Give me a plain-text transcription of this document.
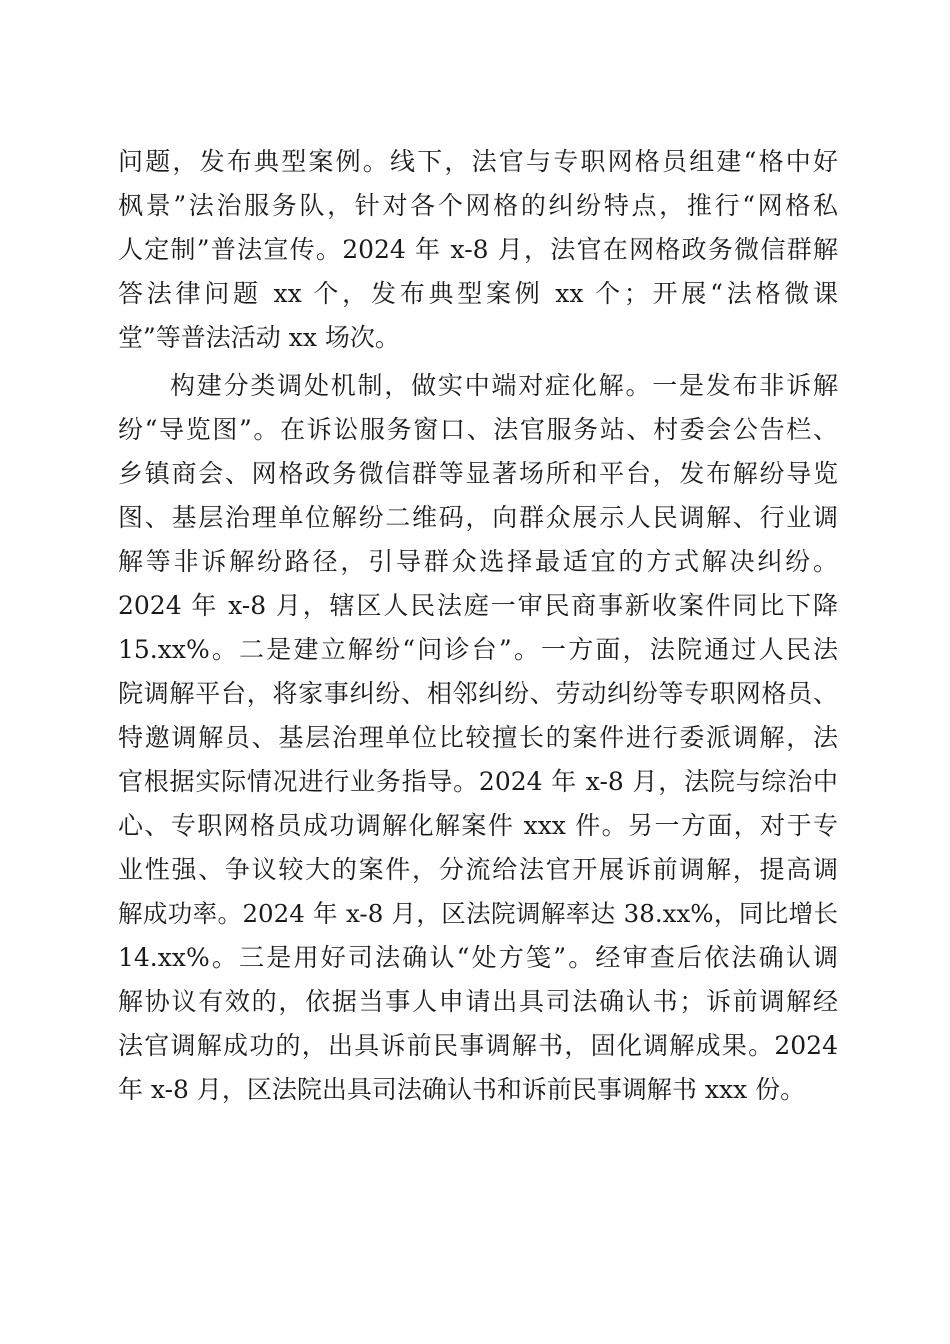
问题，发布典型案例。线下，法官与专职网格员组建“格中好
枫景”法治服务队，针对各个网格的纠纷特点，推行“网格私
人定制”普法宣传。2024 年 x-8 月，法官在网格政务微信群解
答法律问题 xx 个，发布典型案例 xx 个；开展“法格微课
堂”等普法活动 xx 场次。
构建分类调处机制，做实中端对症化解。一是发布非诉解
纷“导览图”。在诉讼服务窗口、法官服务站、村委会公告栏、
乡镇商会、网格政务微信群等显著场所和平台，发布解纷导览
图、基层治理单位解纷二维码，向群众展示人民调解、行业调
解等非诉解纷路径，引导群众选择最适宜的方式解决纠纷。
2024 年 x-8 月，辖区人民法庭一审民商事新收案件同比下降
15.xx%。二是建立解纷“问诊台”。一方面，法院通过人民法
院调解平台，将家事纠纷、相邻纠纷、劳动纠纷等专职网格员、
特邀调解员、基层治理单位比较擅长的案件进行委派调解，法
官根据实际情况进行业务指导。2024 年 x-8 月，法院与综治中
心、专职网格员成功调解化解案件 xxx 件。另一方面，对于专
业性强、争议较大的案件，分流给法官开展诉前调解，提高调
解成功率。2024 年 x-8 月，区法院调解率达 38.xx%，同比增长
14.xx%。三是用好司法确认“处方笺”。经审查后依法确认调
解协议有效的，依据当事人申请出具司法确认书；诉前调解经
法官调解成功的，出具诉前民事调解书，固化调解成果。2024
年 x-8 月，区法院出具司法确认书和诉前民事调解书 xxx 份。
